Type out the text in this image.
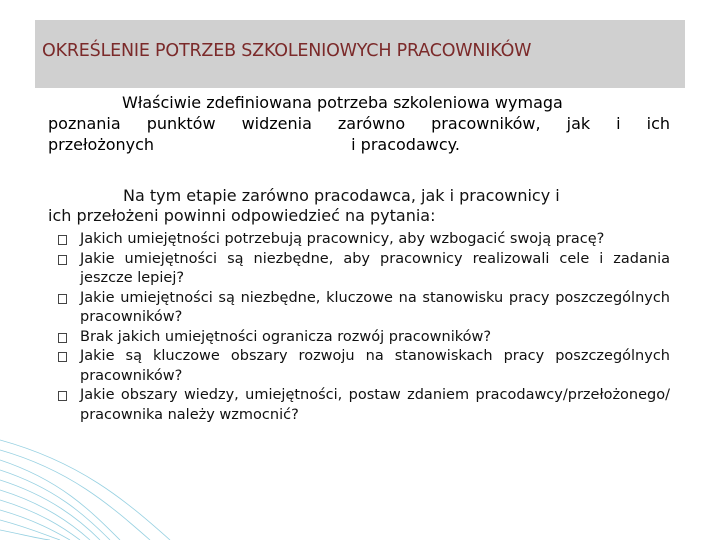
OKREŚLENIE POTRZEB SZKOLENIOWYCH PRACOWNIKÓW
Właściwie zdefiniowana potrzeba szkoleniowa wymaga
poznania punktów widzenia zarówno pracowników, jak i ich
przełożonych	i pracodawcy.
Na tym etapie zarówno pracodawca, jak i pracownicy i
ich przełożeni powinni odpowiedzieć na pytania:
Jakich umiejętności potrzebują pracownicy, aby wzbogacić swoją pracę?
Jakie umiejętności są niezbędne, aby pracownicy realizowali cele i zadania jeszcze lepiej?
Jakie umiejętności są niezbędne, kluczowe na stanowisku pracy poszczególnych pracowników?
Brak jakich umiejętności ogranicza rozwój pracowników?
Jakie są kluczowe obszary rozwoju na stanowiskach pracy poszczególnych pracowników?
Jakie obszary wiedzy, umiejętności, postaw zdaniem pracodawcy/przełożonego/ pracownika należy wzmocnić?
